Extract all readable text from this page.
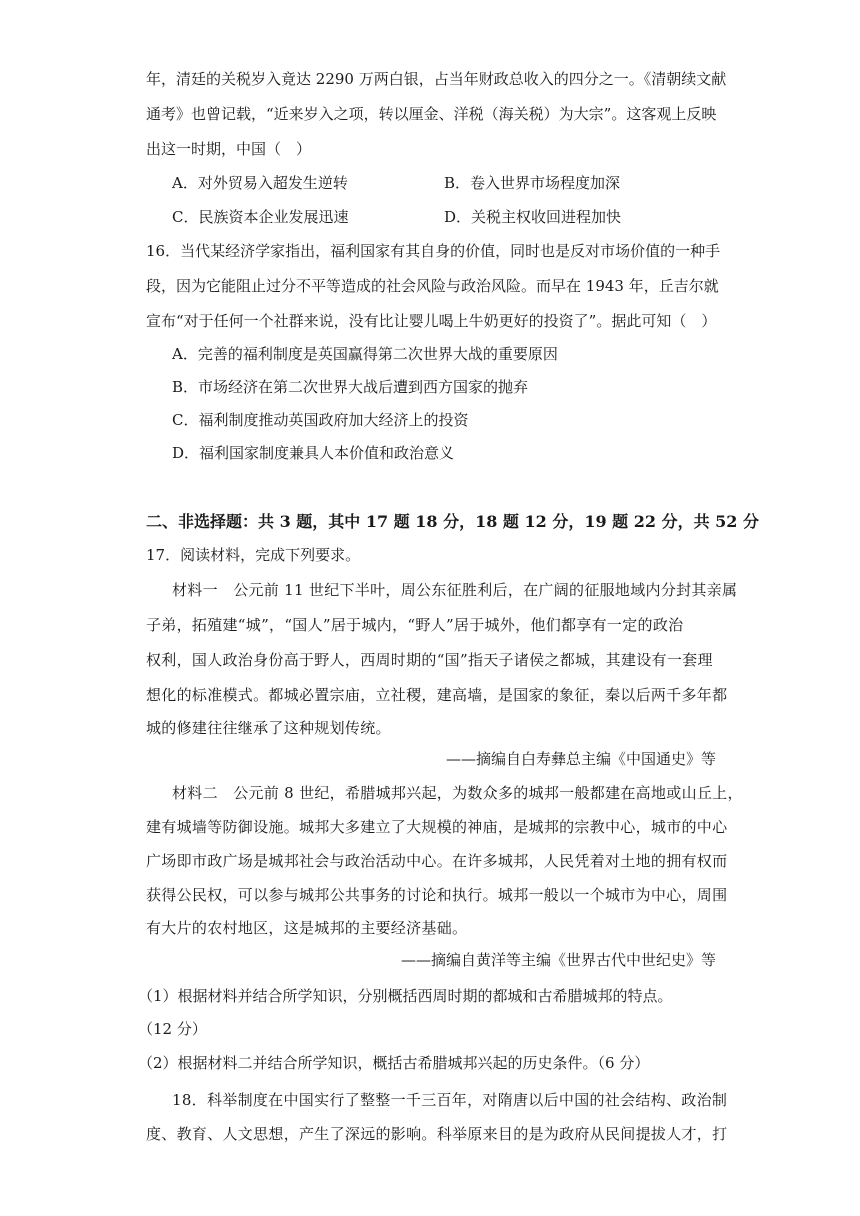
年，清廷的关税岁入竟达 2290 万两白银，占当年财政总收入的四分之一。《清朝续文献
通考》也曾记载，“近来岁入之项，转以厘金、洋税（海关税）为大宗”。这客观上反映
出这一时期，中国（　）
A．对外贸易入超发生逆转	B．卷入世界市场程度加深
C．民族资本企业发展迅速	D．关税主权收回进程加快
16．当代某经济学家指出，福利国家有其自身的价值，同时也是反对市场价值的一种手
段，因为它能阻止过分不平等造成的社会风险与政治风险。而早在 1943 年，丘吉尔就
宣布“对于任何一个社群来说，没有比让婴儿喝上牛奶更好的投资了”。据此可知（　）
A．完善的福利制度是英国赢得第二次世界大战的重要原因
B．市场经济在第二次世界大战后遭到西方国家的抛弃
C．福利制度推动英国政府加大经济上的投资
D．福利国家制度兼具人本价值和政治意义
二、非选择题：共 3 题，其中 17 题 18 分，18 题 12 分，19 题 22 分，共 52 分
17．阅读材料，完成下列要求。
材料一　公元前 11 世纪下半叶，周公东征胜利后，在广阔的征服地域内分封其亲属
子弟，拓殖建“城”，“国人”居于城内，“野人”居于城外，他们都享有一定的政治
权利，国人政治身份高于野人，西周时期的“国”指天子诸侯之都城，其建设有一套理
想化的标准模式。都城必置宗庙，立社稷，建高墙，是国家的象征，秦以后两千多年都
城的修建往往继承了这种规划传统。
——摘编自白寿彝总主编《中国通史》等
材料二　公元前 8 世纪，希腊城邦兴起，为数众多的城邦一般都建在高地或山丘上，
建有城墙等防御设施。城邦大多建立了大规模的神庙，是城邦的宗教中心，城市的中心
广场即市政广场是城邦社会与政治活动中心。在许多城邦，人民凭着对土地的拥有权而
获得公民权，可以参与城邦公共事务的讨论和执行。城邦一般以一个城市为中心，周围
有大片的农村地区，这是城邦的主要经济基础。
——摘编自黄洋等主编《世界古代中世纪史》等
（1）根据材料并结合所学知识，分别概括西周时期的都城和古希腊城邦的特点。
（12 分）
（2）根据材料二并结合所学知识，概括古希腊城邦兴起的历史条件。（6 分）
18．科举制度在中国实行了整整一千三百年，对隋唐以后中国的社会结构、政治制
度、教育、人文思想，产生了深远的影响。科举原来目的是为政府从民间提拔人才，打
